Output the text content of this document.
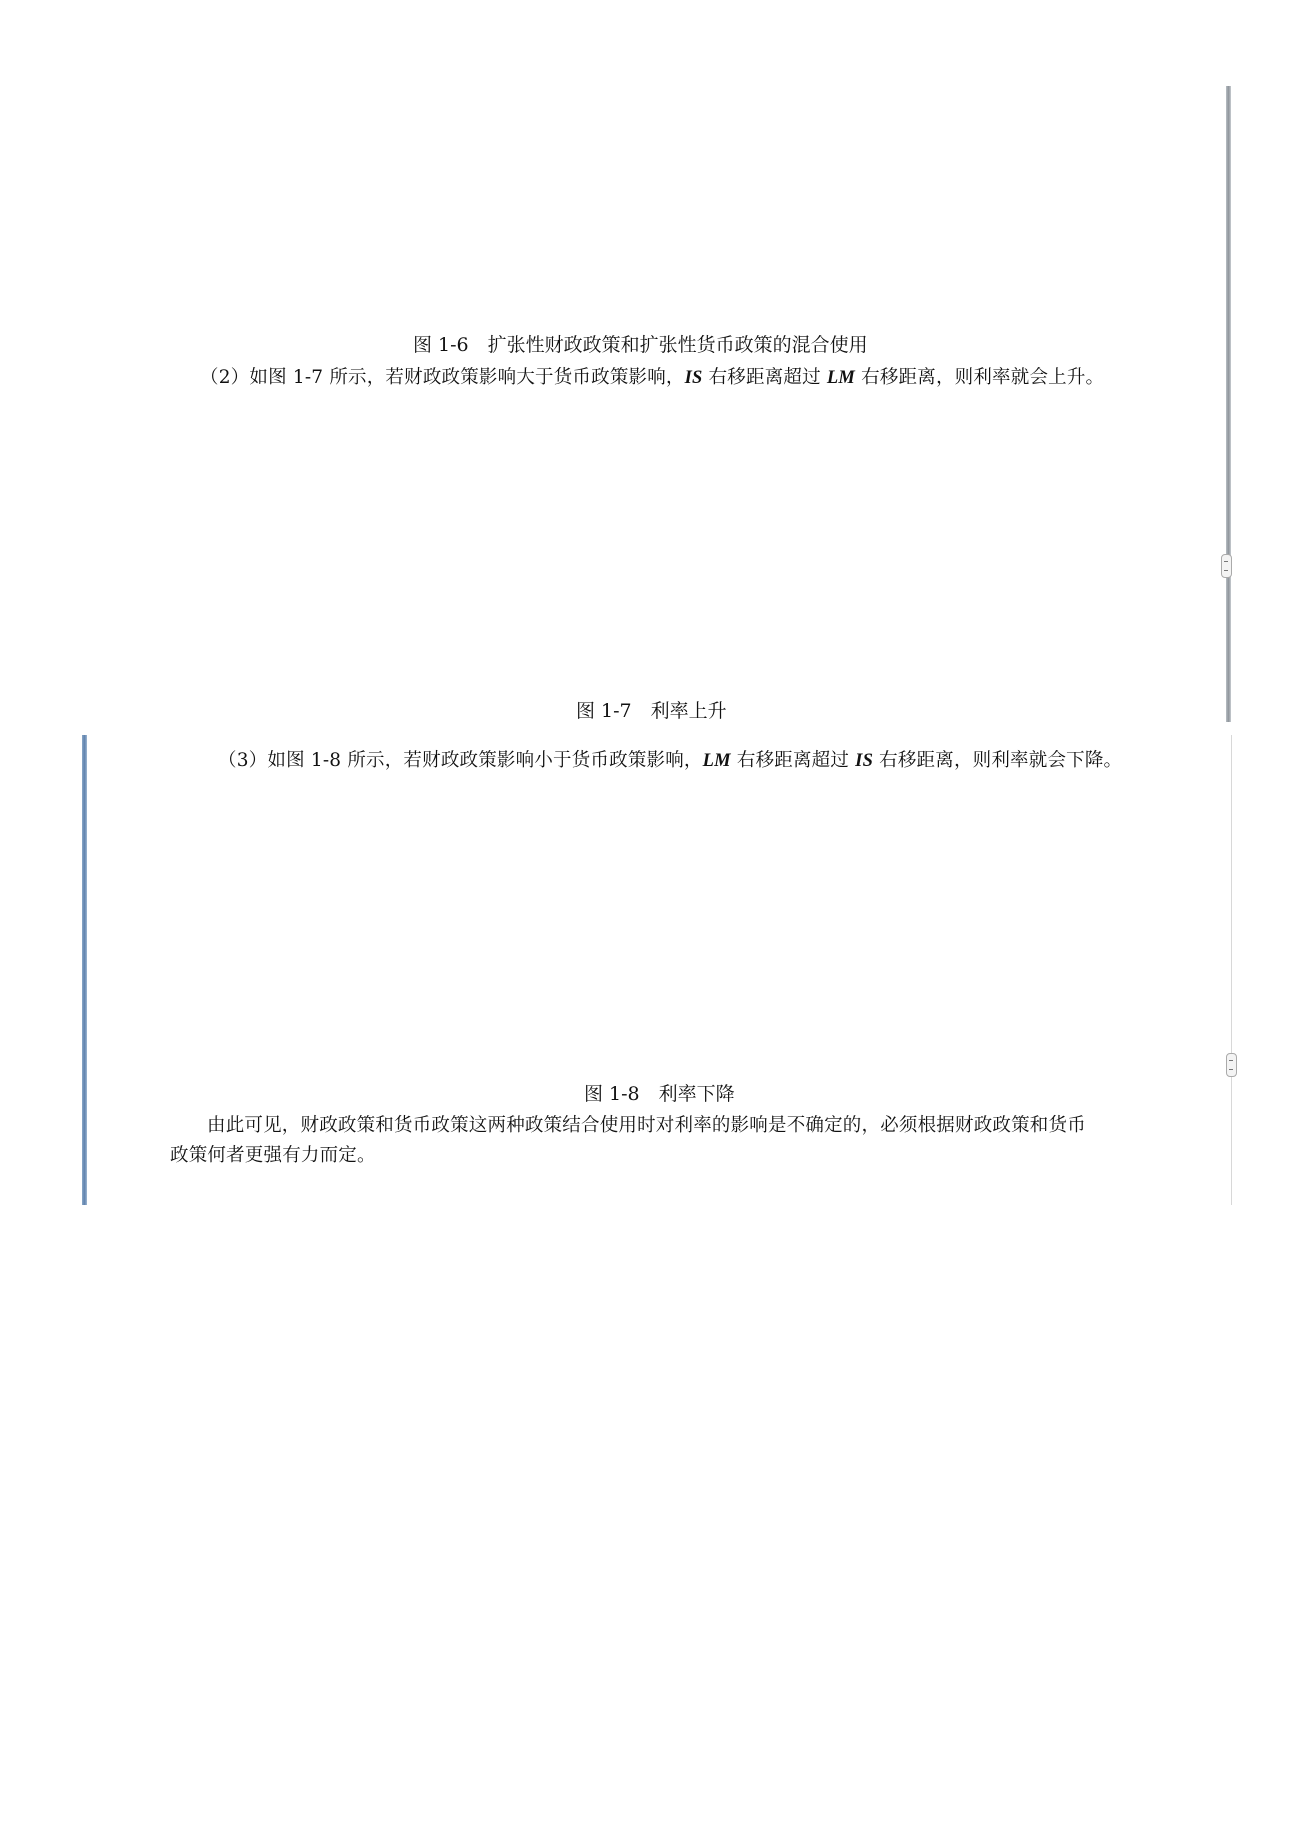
r
(%)
$r_0$
E
E′
LM
LM′
IS′
IS
$y_0$	y*	y
图 1-6　扩张性财政政策和扩张性货币政策的混合使用
（2）如图 1-7 所示，若财政政策影响大于货币政策影响，IS 右移距离超过 LM 右移距离，则利率就会上升。
r
(%)
$r_1$
$r_0$
E
E′
LM
LM′
IS′
IS
$y_0$	y*	y
图 1-7　利率上升
（3）如图 1-8 所示，若财政政策影响小于货币政策影响，LM 右移距离超过 IS 右移距离，则利率就会下降。
r
(%)
$r_0$
$r_1$
E
E′
LM
LM′
IS′
IS
$y_0$	y*	y
图 1-8　利率下降
由此可见，财政政策和货币政策这两种政策结合使用时对利率的影响是不确定的，必须根据财政政策和货币
政策何者更强有力而定。
